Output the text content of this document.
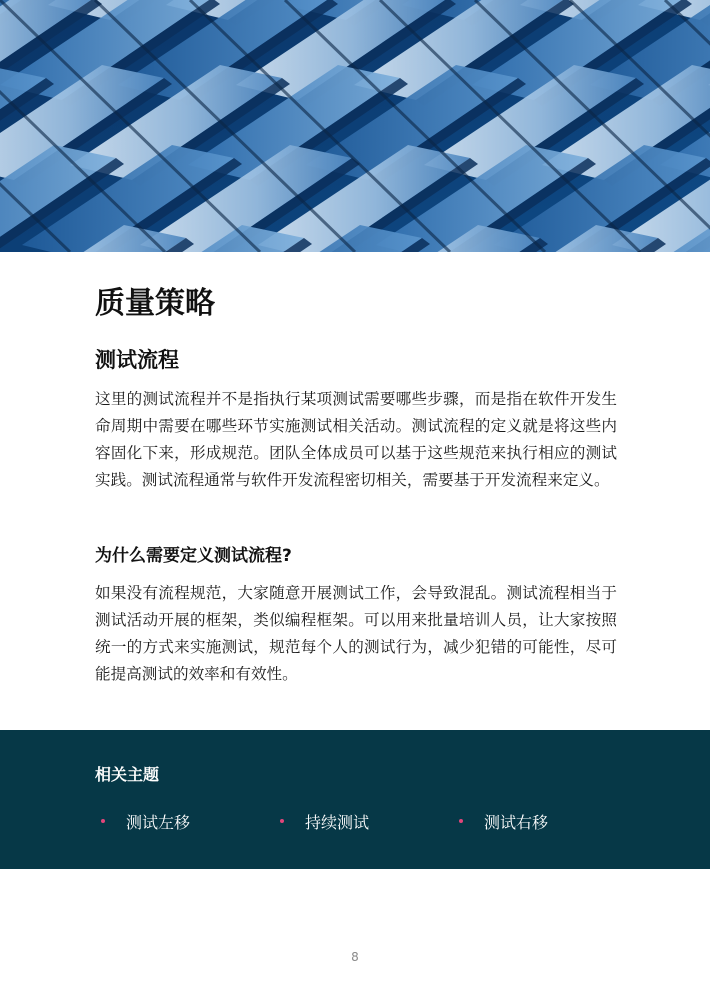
质量策略
测试流程

这里的测试流程并不是指执行某项测试需要哪些步骤，而是指在软件开发生命周期中需要在哪些环节实施测试相关活动。测试流程的定义就是将这些内容固化下来，形成规范。团队全体成员可以基于这些规范来执行相应的测试实践。测试流程通常与软件开发流程密切相关，需要基于开发流程来定义。

为什么需要定义测试流程?

如果没有流程规范，大家随意开展测试工作，会导致混乱。测试流程相当于测试活动开展的框架，类似编程框架。可以用来批量培训人员，让大家按照统一的方式来实施测试，规范每个人的测试行为，减少犯错的可能性，尽可能提高测试的效率和有效性。

相关主题
测试左移	持续测试	测试右移
8
